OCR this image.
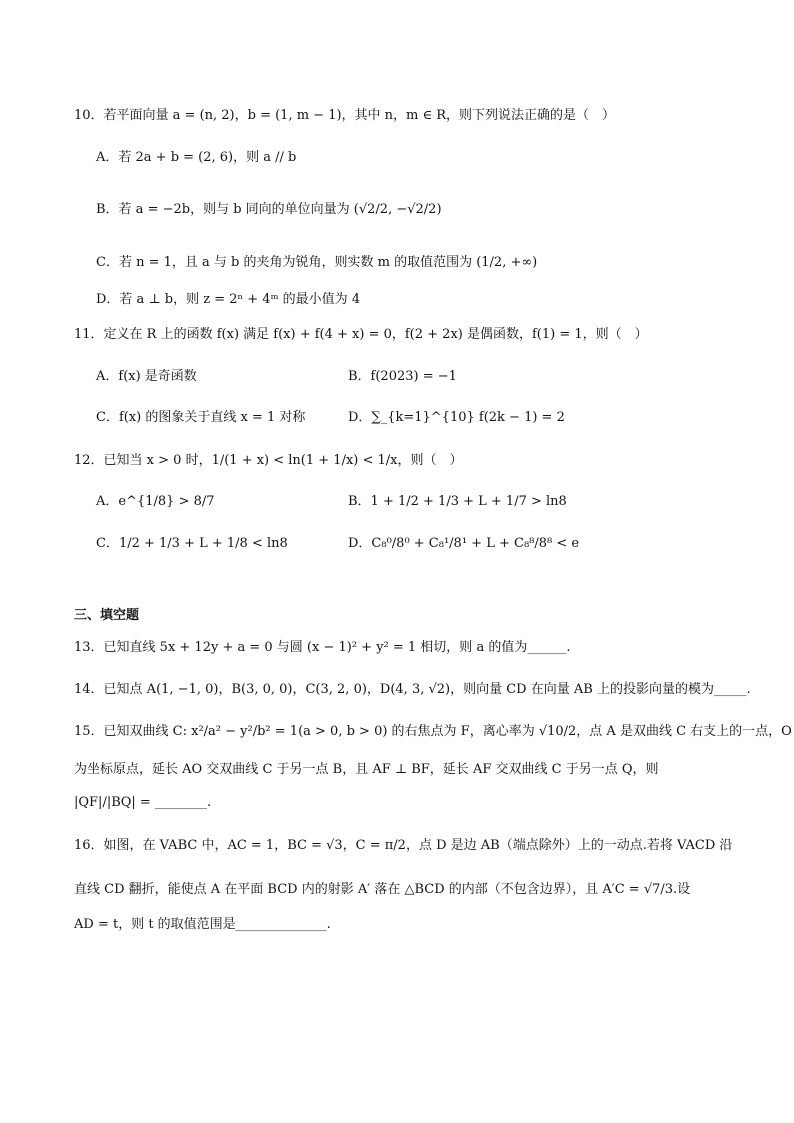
10．若平面向量 a = (n, 2)，b = (1, m − 1)，其中 n，m ∈ R，则下列说法正确的是（　）
A．若 2a + b = (2, 6)，则 a // b
B．若 a = −2b，则与 b 同向的单位向量为 (√2/2, −√2/2)
C．若 n = 1，且 a 与 b 的夹角为锐角，则实数 m 的取值范围为 (1/2, +∞)
D．若 a ⊥ b，则 z = 2ⁿ + 4ᵐ 的最小值为 4
11．定义在 R 上的函数 f(x) 满足 f(x) + f(4 + x) = 0，f(2 + 2x) 是偶函数，f(1) = 1，则（　）
A．f(x) 是奇函数	B．f(2023) = −1
C．f(x) 的图象关于直线 x = 1 对称	D．∑_{k=1}^{10} f(2k − 1) = 2
12．已知当 x > 0 时，1/(1 + x) < ln(1 + 1/x) < 1/x，则（　）
A．e^{1/8} > 8/7	B．1 + 1/2 + 1/3 + L + 1/7 > ln8
C．1/2 + 1/3 + L + 1/8 < ln8	D．C₈⁰/8⁰ + C₈¹/8¹ + L + C₈⁸/8⁸ < e
三、填空题
13．已知直线 5x + 12y + a = 0 与圆 (x − 1)² + y² = 1 相切，则 a 的值为______.
14．已知点 A(1, −1, 0)，B(3, 0, 0)，C(3, 2, 0)，D(4, 3, √2)，则向量 CD 在向量 AB 上的投影向量的模为_____.
15．已知双曲线 C: x²/a² − y²/b² = 1(a > 0, b > 0) 的右焦点为 F，离心率为 √10/2，点 A 是双曲线 C 右支上的一点，O
为坐标原点，延长 AO 交双曲线 C 于另一点 B，且 AF ⊥ BF，延长 AF 交双曲线 C 于另一点 Q，则
|QF|/|BQ| = ________.
16．如图，在 VABC 中，AC = 1，BC = √3，C = π/2，点 D 是边 AB（端点除外）上的一动点.若将 VACD 沿
直线 CD 翻折，能使点 A 在平面 BCD 内的射影 A′ 落在 △BCD 的内部（不包含边界），且 A′C = √7/3.设
AD = t，则 t 的取值范围是______________.
